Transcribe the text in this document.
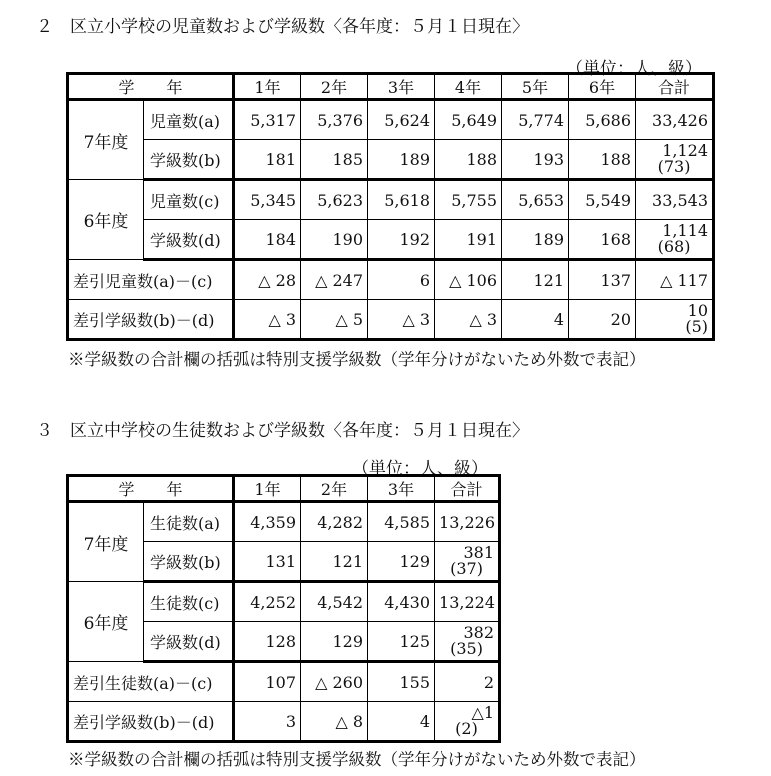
２　区立小学校の児童数および学級数〈各年度：５月１日現在〉
（単位：人、級）
学　　年		1年	2年	3年	4年	5年	6年	合計
7年度	児童数(a)	5,317	5,376	5,624	5,649	5,774	5,686	33,426
	学級数(b)	181	185	189	188	193	188	1,124
(73)

6年度	児童数(c)	5,345	5,623	5,618	5,755	5,653	5,549	33,543
	学級数(d)	184	190	192	191	189	168	1,114
(68)

差引児童数(a)－(c)		△ 28	△ 247	6	△ 106	121	137	△ 117
差引学級数(b)－(d)		△ 3	△ 5	△ 3	△ 3	4	20	10
(5)
※学級数の合計欄の括弧は特別支援学級数（学年分けがないため外数で表記）
３　区立中学校の生徒数および学級数〈各年度：５月１日現在〉
（単位：人、級）
学　　年		1年	2年	3年	合計
7年度	生徒数(a)	4,359	4,282	4,585	13,226
	学級数(b)	131	121	129	381
(37)

6年度	生徒数(c)	4,252	4,542	4,430	13,224
	学級数(d)	128	129	125	382
(35)

差引生徒数(a)－(c)		107	△ 260	155	2
差引学級数(b)－(d)		3	△ 8	4	△1
(2)
※学級数の合計欄の括弧は特別支援学級数（学年分けがないため外数で表記）
